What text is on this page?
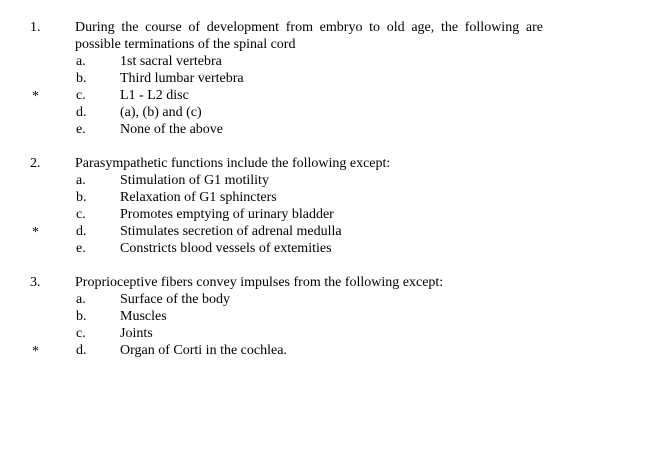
1. During the course of development from embryo to old age, the following are
possible terminations of the spinal cord
a. 1st sacral vertebra
b. Third lumbar vertebra
*	c. L1 - L2 disc
d. (a), (b) and (c)
e. None of the above
2. Parasympathetic functions include the following except:
a. Stimulation of G1 motility
b. Relaxation of G1 sphincters
c. Promotes emptying of urinary bladder
*	d. Stimulates secretion of adrenal medulla
e. Constricts blood vessels of extemities
3. Proprioceptive fibers convey impulses from the following except:
a. Surface of the body
b. Muscles
c. Joints
*	d. Organ of Corti in the cochlea.
